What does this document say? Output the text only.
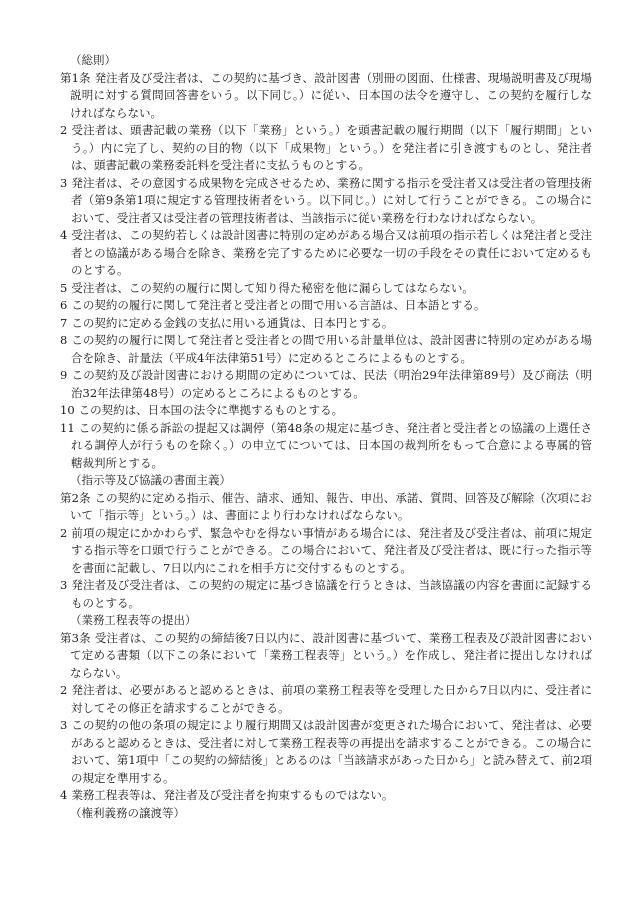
（総則）

第1条 発注者及び受注者は、この契約に基づき、設計図書（別冊の図面、仕様書、現場説明書及び現場説明に対する質問回答書をいう。以下同じ。）に従い、日本国の法令を遵守し、この契約を履行しなければならない。

2 受注者は、頭書記載の業務（以下「業務」という。）を頭書記載の履行期間（以下「履行期間」という。）内に完了し、契約の目的物（以下「成果物」という。）を発注者に引き渡すものとし、発注者は、頭書記載の業務委託料を受注者に支払うものとする。

3 発注者は、その意図する成果物を完成させるため、業務に関する指示を受注者又は受注者の管理技術者（第9条第1項に規定する管理技術者をいう。以下同じ。）に対して行うことができる。この場合において、受注者又は受注者の管理技術者は、当該指示に従い業務を行わなければならない。

4 受注者は、この契約若しくは設計図書に特別の定めがある場合又は前項の指示若しくは発注者と受注者との協議がある場合を除き、業務を完了するために必要な一切の手段をその責任において定めるものとする。

5 受注者は、この契約の履行に関して知り得た秘密を他に漏らしてはならない。

6 この契約の履行に関して発注者と受注者との間で用いる言語は、日本語とする。

7 この契約に定める金銭の支払に用いる通貨は、日本円とする。

8 この契約の履行に関して発注者と受注者との間で用いる計量単位は、設計図書に特別の定めがある場合を除き、計量法（平成4年法律第51号）に定めるところによるものとする。

9 この契約及び設計図書における期間の定めについては、民法（明治29年法律第89号）及び商法（明治32年法律第48号）の定めるところによるものとする。

10 この契約は、日本国の法令に準拠するものとする。

11 この契約に係る訴訟の提起又は調停（第48条の規定に基づき、発注者と受注者との協議の上選任される調停人が行うものを除く。）の申立てについては、日本国の裁判所をもって合意による専属的管轄裁判所とする。

（指示等及び協議の書面主義）

第2条 この契約に定める指示、催告、請求、通知、報告、申出、承諾、質問、回答及び解除（次項において「指示等」という。）は、書面により行わなければならない。

2 前項の規定にかかわらず、緊急やむを得ない事情がある場合には、発注者及び受注者は、前項に規定する指示等を口頭で行うことができる。この場合において、発注者及び受注者は、既に行った指示等を書面に記載し、7日以内にこれを相手方に交付するものとする。

3 発注者及び受注者は、この契約の規定に基づき協議を行うときは、当該協議の内容を書面に記録するものとする。

（業務工程表等の提出）

第3条 受注者は、この契約の締結後7日以内に、設計図書に基づいて、業務工程表及び設計図書において定める書類（以下この条において「業務工程表等」という。）を作成し、発注者に提出しなければならない。

2 発注者は、必要があると認めるときは、前項の業務工程表等を受理した日から7日以内に、受注者に対してその修正を請求することができる。

3 この契約の他の条項の規定により履行期間又は設計図書が変更された場合において、発注者は、必要があると認めるときは、受注者に対して業務工程表等の再提出を請求することができる。この場合において、第1項中「この契約の締結後」とあるのは「当該請求があった日から」と読み替えて、前2項の規定を準用する。

4 業務工程表等は、発注者及び受注者を拘束するものではない。

（権利義務の譲渡等）
